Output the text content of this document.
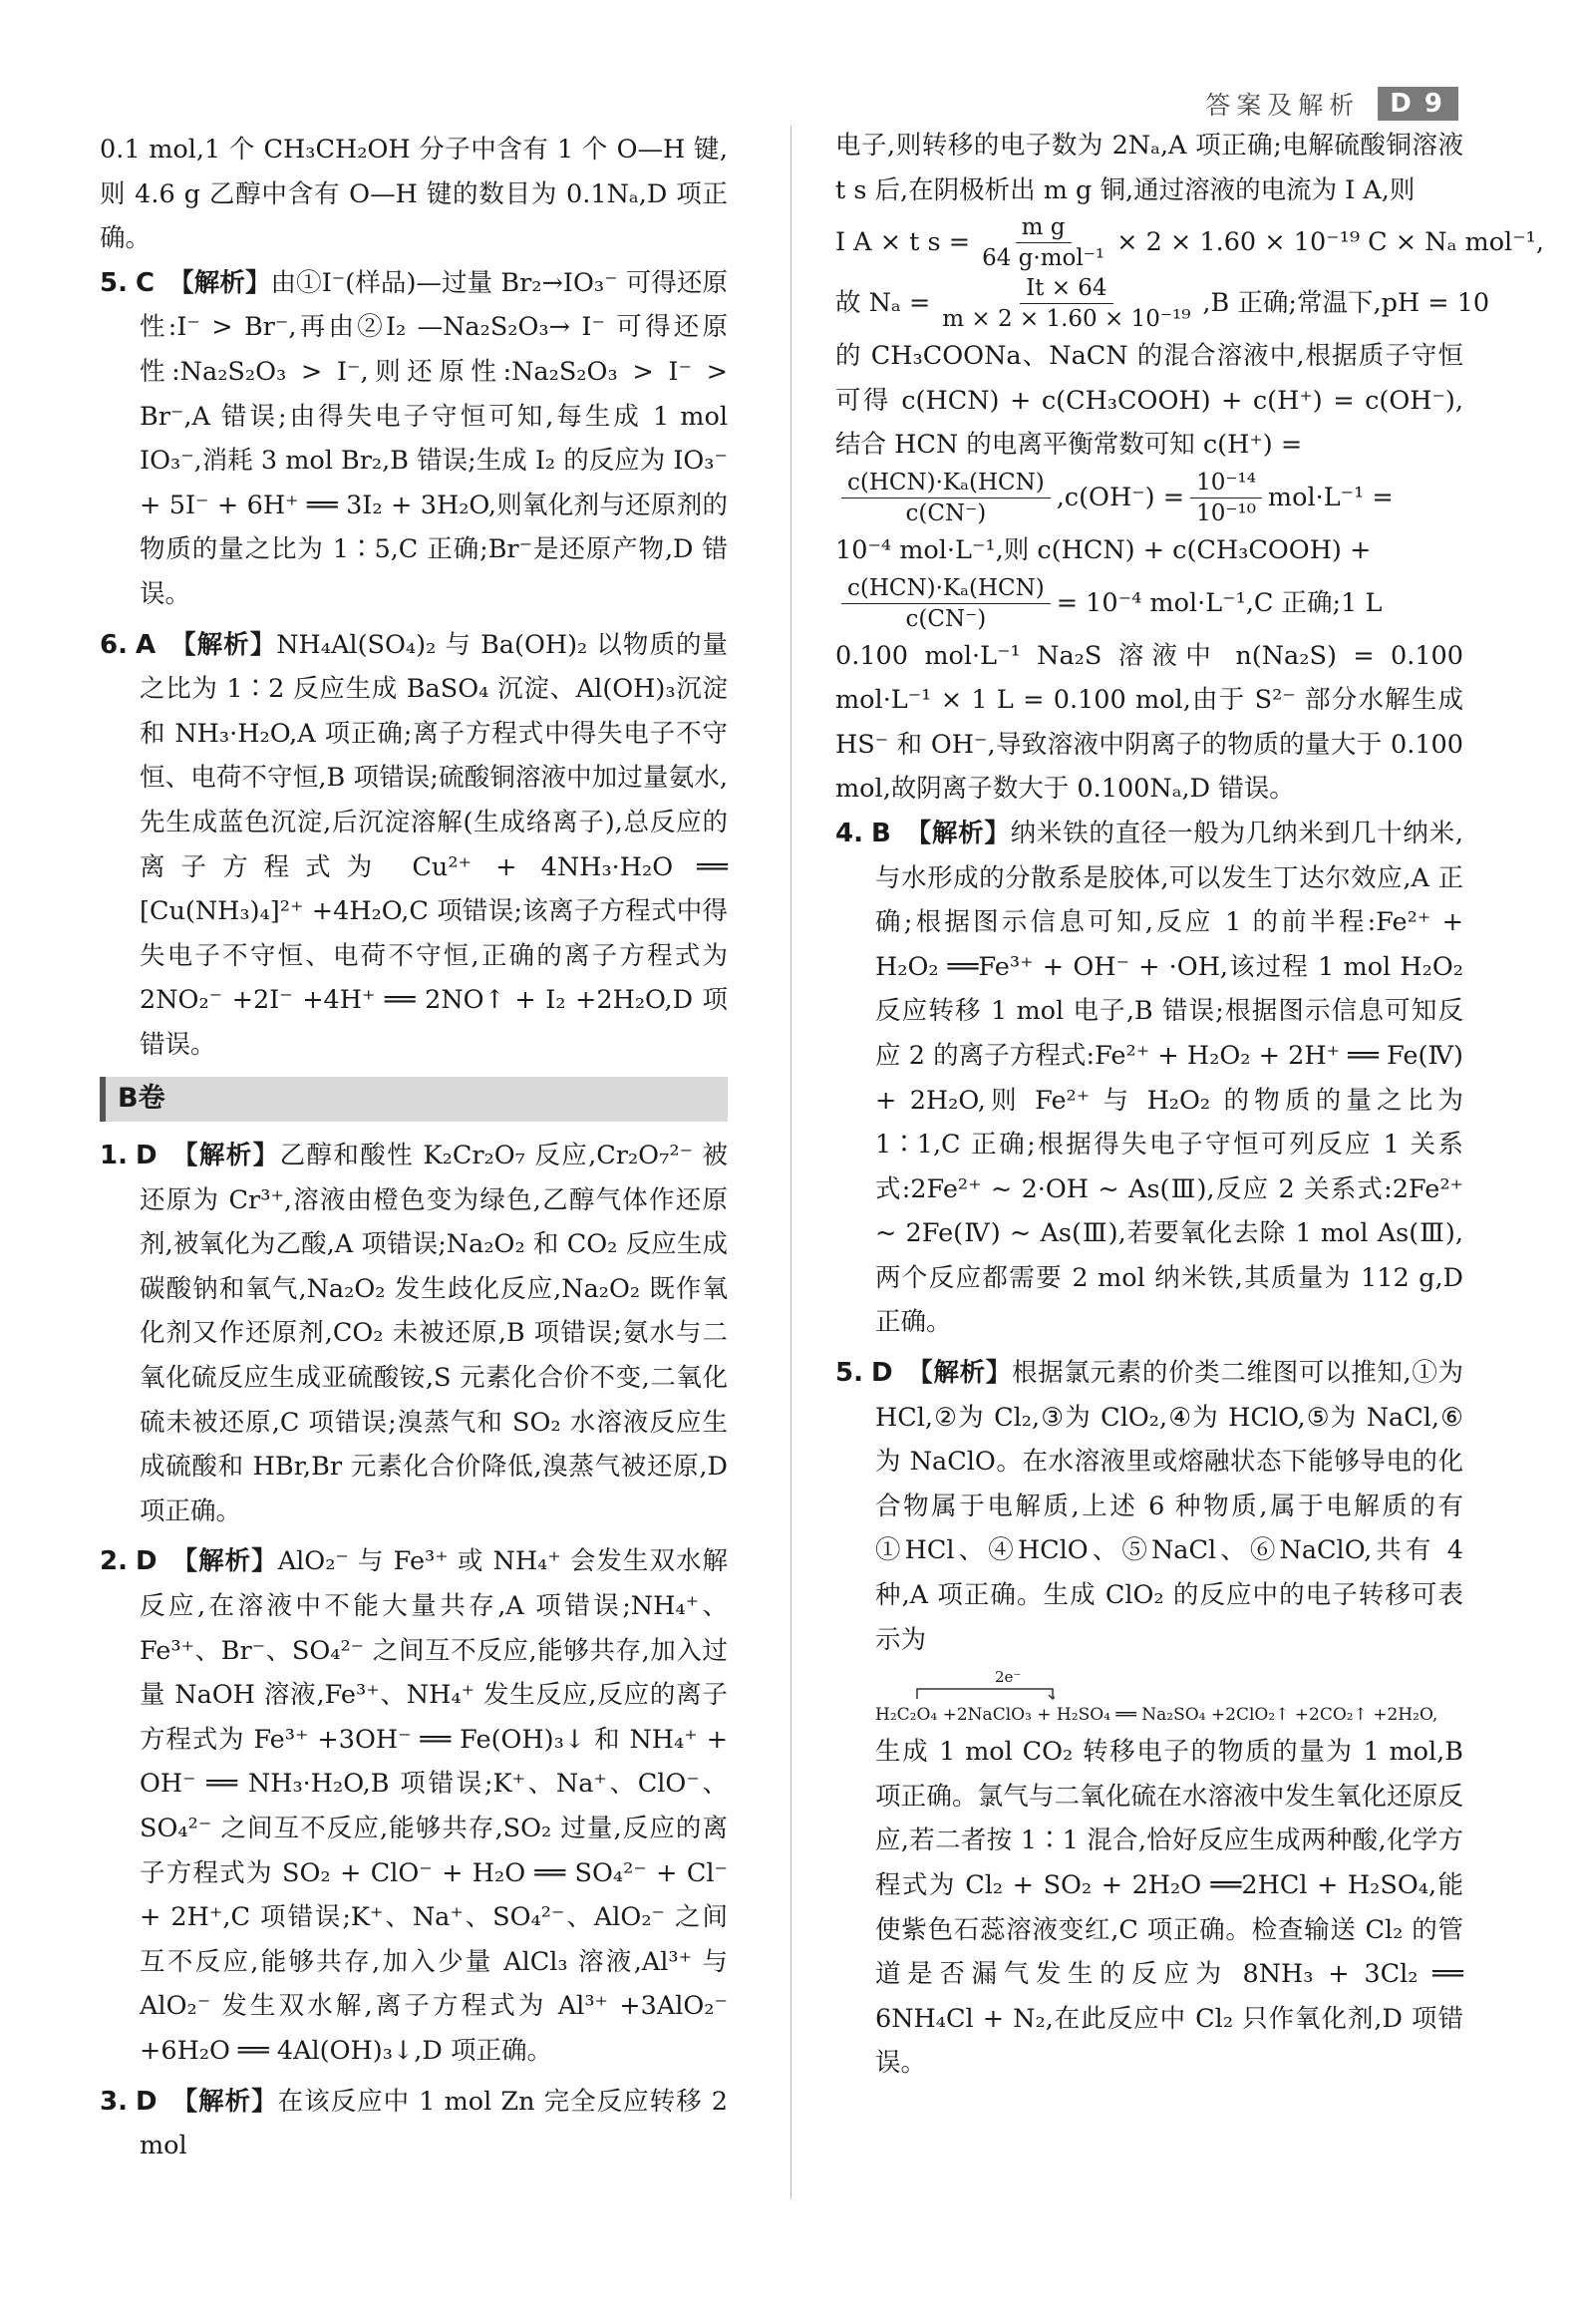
答案及解析	D 9

0.1 mol,1 个 CH₃CH₂OH 分子中含有 1 个 O—H 键,则 4.6 g 乙醇中含有 O—H 键的数目为 0.1Nₐ,D 项正确。

5. C 【解析】由①I⁻(样品)—过量 Br₂→IO₃⁻ 可得还原性:I⁻ > Br⁻,再由②I₂ —Na₂S₂O₃→ I⁻ 可得还原性:Na₂S₂O₃ > I⁻,则还原性:Na₂S₂O₃ > I⁻ > Br⁻,A 错误;由得失电子守恒可知,每生成 1 mol IO₃⁻,消耗 3 mol Br₂,B 错误;生成 I₂ 的反应为 IO₃⁻ + 5I⁻ + 6H⁺ ══ 3I₂ + 3H₂O,则氧化剂与还原剂的物质的量之比为 1∶5,C 正确;Br⁻是还原产物,D 错误。
6. A 【解析】NH₄Al(SO₄)₂ 与 Ba(OH)₂ 以物质的量之比为 1∶2 反应生成 BaSO₄ 沉淀、Al(OH)₃沉淀和 NH₃·H₂O,A 项正确;离子方程式中得失电子不守恒、电荷不守恒,B 项错误;硫酸铜溶液中加过量氨水,先生成蓝色沉淀,后沉淀溶解(生成络离子),总反应的离子方程式为 Cu²⁺ + 4NH₃·H₂O ══ [Cu(NH₃)₄]²⁺ +4H₂O,C 项错误;该离子方程式中得失电子不守恒、电荷不守恒,正确的离子方程式为 2NO₂⁻ +2I⁻ +4H⁺ ══ 2NO↑ + I₂ +2H₂O,D 项错误。
B卷
1. D 【解析】乙醇和酸性 K₂Cr₂O₇ 反应,Cr₂O₇²⁻ 被还原为 Cr³⁺,溶液由橙色变为绿色,乙醇气体作还原剂,被氧化为乙酸,A 项错误;Na₂O₂ 和 CO₂ 反应生成碳酸钠和氧气,Na₂O₂ 发生歧化反应,Na₂O₂ 既作氧化剂又作还原剂,CO₂ 未被还原,B 项错误;氨水与二氧化硫反应生成亚硫酸铵,S 元素化合价不变,二氧化硫未被还原,C 项错误;溴蒸气和 SO₂ 水溶液反应生成硫酸和 HBr,Br 元素化合价降低,溴蒸气被还原,D 项正确。
2. D 【解析】AlO₂⁻ 与 Fe³⁺ 或 NH₄⁺ 会发生双水解反应,在溶液中不能大量共存,A 项错误;NH₄⁺、Fe³⁺、Br⁻、SO₄²⁻ 之间互不反应,能够共存,加入过量 NaOH 溶液,Fe³⁺、NH₄⁺ 发生反应,反应的离子方程式为 Fe³⁺ +3OH⁻ ══ Fe(OH)₃↓ 和 NH₄⁺ + OH⁻ ══ NH₃·H₂O,B 项错误;K⁺、Na⁺、ClO⁻、SO₄²⁻ 之间互不反应,能够共存,SO₂ 过量,反应的离子方程式为 SO₂ + ClO⁻ + H₂O ══ SO₄²⁻ + Cl⁻ + 2H⁺,C 项错误;K⁺、Na⁺、SO₄²⁻、AlO₂⁻ 之间互不反应,能够共存,加入少量 AlCl₃ 溶液,Al³⁺ 与 AlO₂⁻ 发生双水解,离子方程式为 Al³⁺ +3AlO₂⁻ +6H₂O ══ 4Al(OH)₃↓,D 项正确。
3. D 【解析】在该反应中 1 mol Zn 完全反应转移 2 mol

电子,则转移的电子数为 2Nₐ,A 项正确;电解硫酸铜溶液 t s 后,在阴极析出 m g 铜,通过溶液的电流为 I A,则

I A × t $s = \frac{\text{m g}}{\text{64 g·mol⁻¹}} \times 2 \times 1.60 \times 10^{-19}$ C × Nₐ mol⁻¹,
故 $N_a = \frac{It \times 64}{\text{m × 2 × 1.60 × 10⁻¹⁹}} ,B$ 正确;常温下,pH = 10

的 CH₃COONa、NaCN 的混合溶液中,根据质子守恒可得 c(HCN) + c(CH₃COOH) + c(H⁺) = c(OH⁻),结合 HCN 的电离平衡常数可知 c(H⁺) =

$\frac{\text{c(HCN)·Kₐ(HCN)}}{c(CN^-)} ,c(OH^-) = \frac{\text{10⁻¹⁴}}{\text{10⁻¹⁰}} mol\cdot L^{-1}$ =

10⁻⁴ mol·L⁻¹,则 c(HCN) + c(CH₃COOH) +

$\frac{\text{c(HCN)·Kₐ(HCN)}}{c(CN^-)} = 10^{-4}$ mol·L⁻¹,C 正确;1 L

0.100 mol·L⁻¹ Na₂S 溶液中 n(Na₂S) = 0.100 mol·L⁻¹ × 1 L = 0.100 mol,由于 S²⁻ 部分水解生成 HS⁻ 和 OH⁻,导致溶液中阴离子的物质的量大于 0.100 mol,故阴离子数大于 0.100Nₐ,D 错误。

4. B 【解析】纳米铁的直径一般为几纳米到几十纳米,与水形成的分散系是胶体,可以发生丁达尔效应,A 正确;根据图示信息可知,反应 1 的前半程:Fe²⁺ + H₂O₂ ══Fe³⁺ + OH⁻ + ·OH,该过程 1 mol H₂O₂ 反应转移 1 mol 电子,B 错误;根据图示信息可知反应 2 的离子方程式:Fe²⁺ + H₂O₂ + 2H⁺ ══ Fe(Ⅳ) + 2H₂O,则 Fe²⁺ 与 H₂O₂ 的物质的量之比为 1∶1,C 正确;根据得失电子守恒可列反应 1 关系式:2Fe²⁺ ~ 2·OH ~ As(Ⅲ),反应 2 关系式:2Fe²⁺ ~ 2Fe(Ⅳ) ~ As(Ⅲ),若要氧化去除 1 mol As(Ⅲ),两个反应都需要 2 mol 纳米铁,其质量为 112 g,D 正确。
5. D 【解析】根据氯元素的价类二维图可以推知,①为 HCl,②为 Cl₂,③为 ClO₂,④为 HClO,⑤为 NaCl,⑥为 NaClO。在水溶液里或熔融状态下能够导电的化合物属于电解质,上述 6 种物质,属于电解质的有①HCl、④HClO、⑤NaCl、⑥NaClO,共有 4 种,A 项正确。生成 ClO₂ 的反应中的电子转移可表示为
2e⁻
H₂C₂O₄ +2NaClO₃ + H₂SO₄ ══ Na₂SO₄ +2ClO₂↑ +2CO₂↑ +2H₂O,

生成 1 mol CO₂ 转移电子的物质的量为 1 mol,B 项正确。氯气与二氧化硫在水溶液中发生氧化还原反应,若二者按 1∶1 混合,恰好反应生成两种酸,化学方程式为 Cl₂ + SO₂ + 2H₂O ══2HCl + H₂SO₄,能使紫色石蕊溶液变红,C 项正确。检查输送 Cl₂ 的管道是否漏气发生的反应为 8NH₃ + 3Cl₂ ══ 6NH₄Cl + N₂,在此反应中 Cl₂ 只作氧化剂,D 项错误。
